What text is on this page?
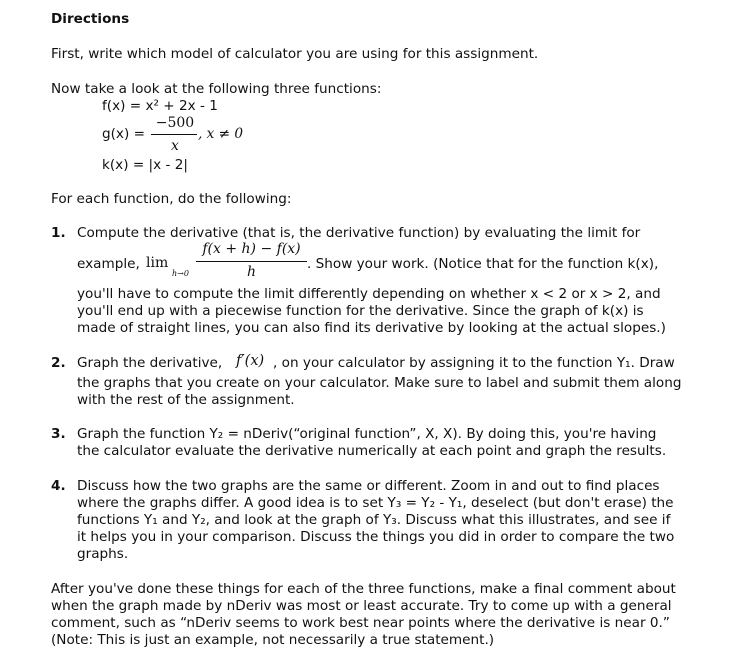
Directions
First, write which model of calculator you are using for this assignment.
Now take a look at the following three functions:
f(x) = x² + 2x - 1
g(x) =
−500
x
, x ≠ 0
k(x) = |x - 2|
For each function, do the following:
1. Compute the derivative (that is, the derivative function) by evaluating the limit for
example, lim
h→0
f(x + h) − f(x)
h	. Show your work. (Notice that for the function k(x),
you'll have to compute the limit differently depending on whether x < 2 or x > 2, and
you'll end up with a piecewise function for the derivative. Since the graph of k(x) is
made of straight lines, you can also find its derivative by looking at the actual slopes.)
2. Graph the derivative, f′(x) , on your calculator by assigning it to the function Y₁. Draw
the graphs that you create on your calculator. Make sure to label and submit them along
with the rest of the assignment.
3. Graph the function Y₂ = nDeriv(“original function”, X, X). By doing this, you're having
the calculator evaluate the derivative numerically at each point and graph the results.
4. Discuss how the two graphs are the same or different. Zoom in and out to find places
where the graphs differ. A good idea is to set Y₃ = Y₂ - Y₁, deselect (but don't erase) the
functions Y₁ and Y₂, and look at the graph of Y₃. Discuss what this illustrates, and see if
it helps you in your comparison. Discuss the things you did in order to compare the two
graphs.
After you've done these things for each of the three functions, make a final comment about
when the graph made by nDeriv was most or least accurate. Try to come up with a general
comment, such as “nDeriv seems to work best near points where the derivative is near 0.”
(Note: This is just an example, not necessarily a true statement.)
